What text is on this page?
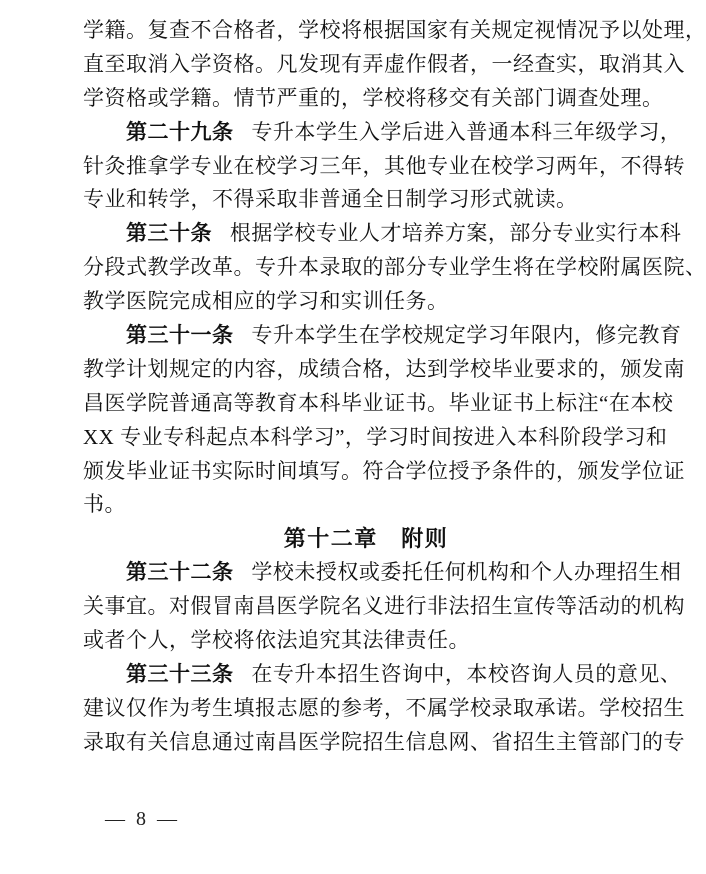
学籍。复查不合格者，学校将根据国家有关规定视情况予以处理，
直至取消入学资格。凡发现有弄虚作假者，一经查实，取消其入
学资格或学籍。情节严重的，学校将移交有关部门调查处理。
第二十九条 专升本学生入学后进入普通本科三年级学习，
针灸推拿学专业在校学习三年，其他专业在校学习两年，不得转
专业和转学，不得采取非普通全日制学习形式就读。
第三十条 根据学校专业人才培养方案，部分专业实行本科
分段式教学改革。专升本录取的部分专业学生将在学校附属医院、
教学医院完成相应的学习和实训任务。
第三十一条 专升本学生在学校规定学习年限内，修完教育
教学计划规定的内容，成绩合格，达到学校毕业要求的，颁发南
昌医学院普通高等教育本科毕业证书。毕业证书上标注“在本校
XX 专业专科起点本科学习”，学习时间按进入本科阶段学习和
颁发毕业证书实际时间填写。符合学位授予条件的，颁发学位证
书。
第十二章　附则
第三十二条 学校未授权或委托任何机构和个人办理招生相
关事宜。对假冒南昌医学院名义进行非法招生宣传等活动的机构
或者个人，学校将依法追究其法律责任。
第三十三条 在专升本招生咨询中，本校咨询人员的意见、
建议仅作为考生填报志愿的参考，不属学校录取承诺。学校招生
录取有关信息通过南昌医学院招生信息网、省招生主管部门的专
— 8 —
